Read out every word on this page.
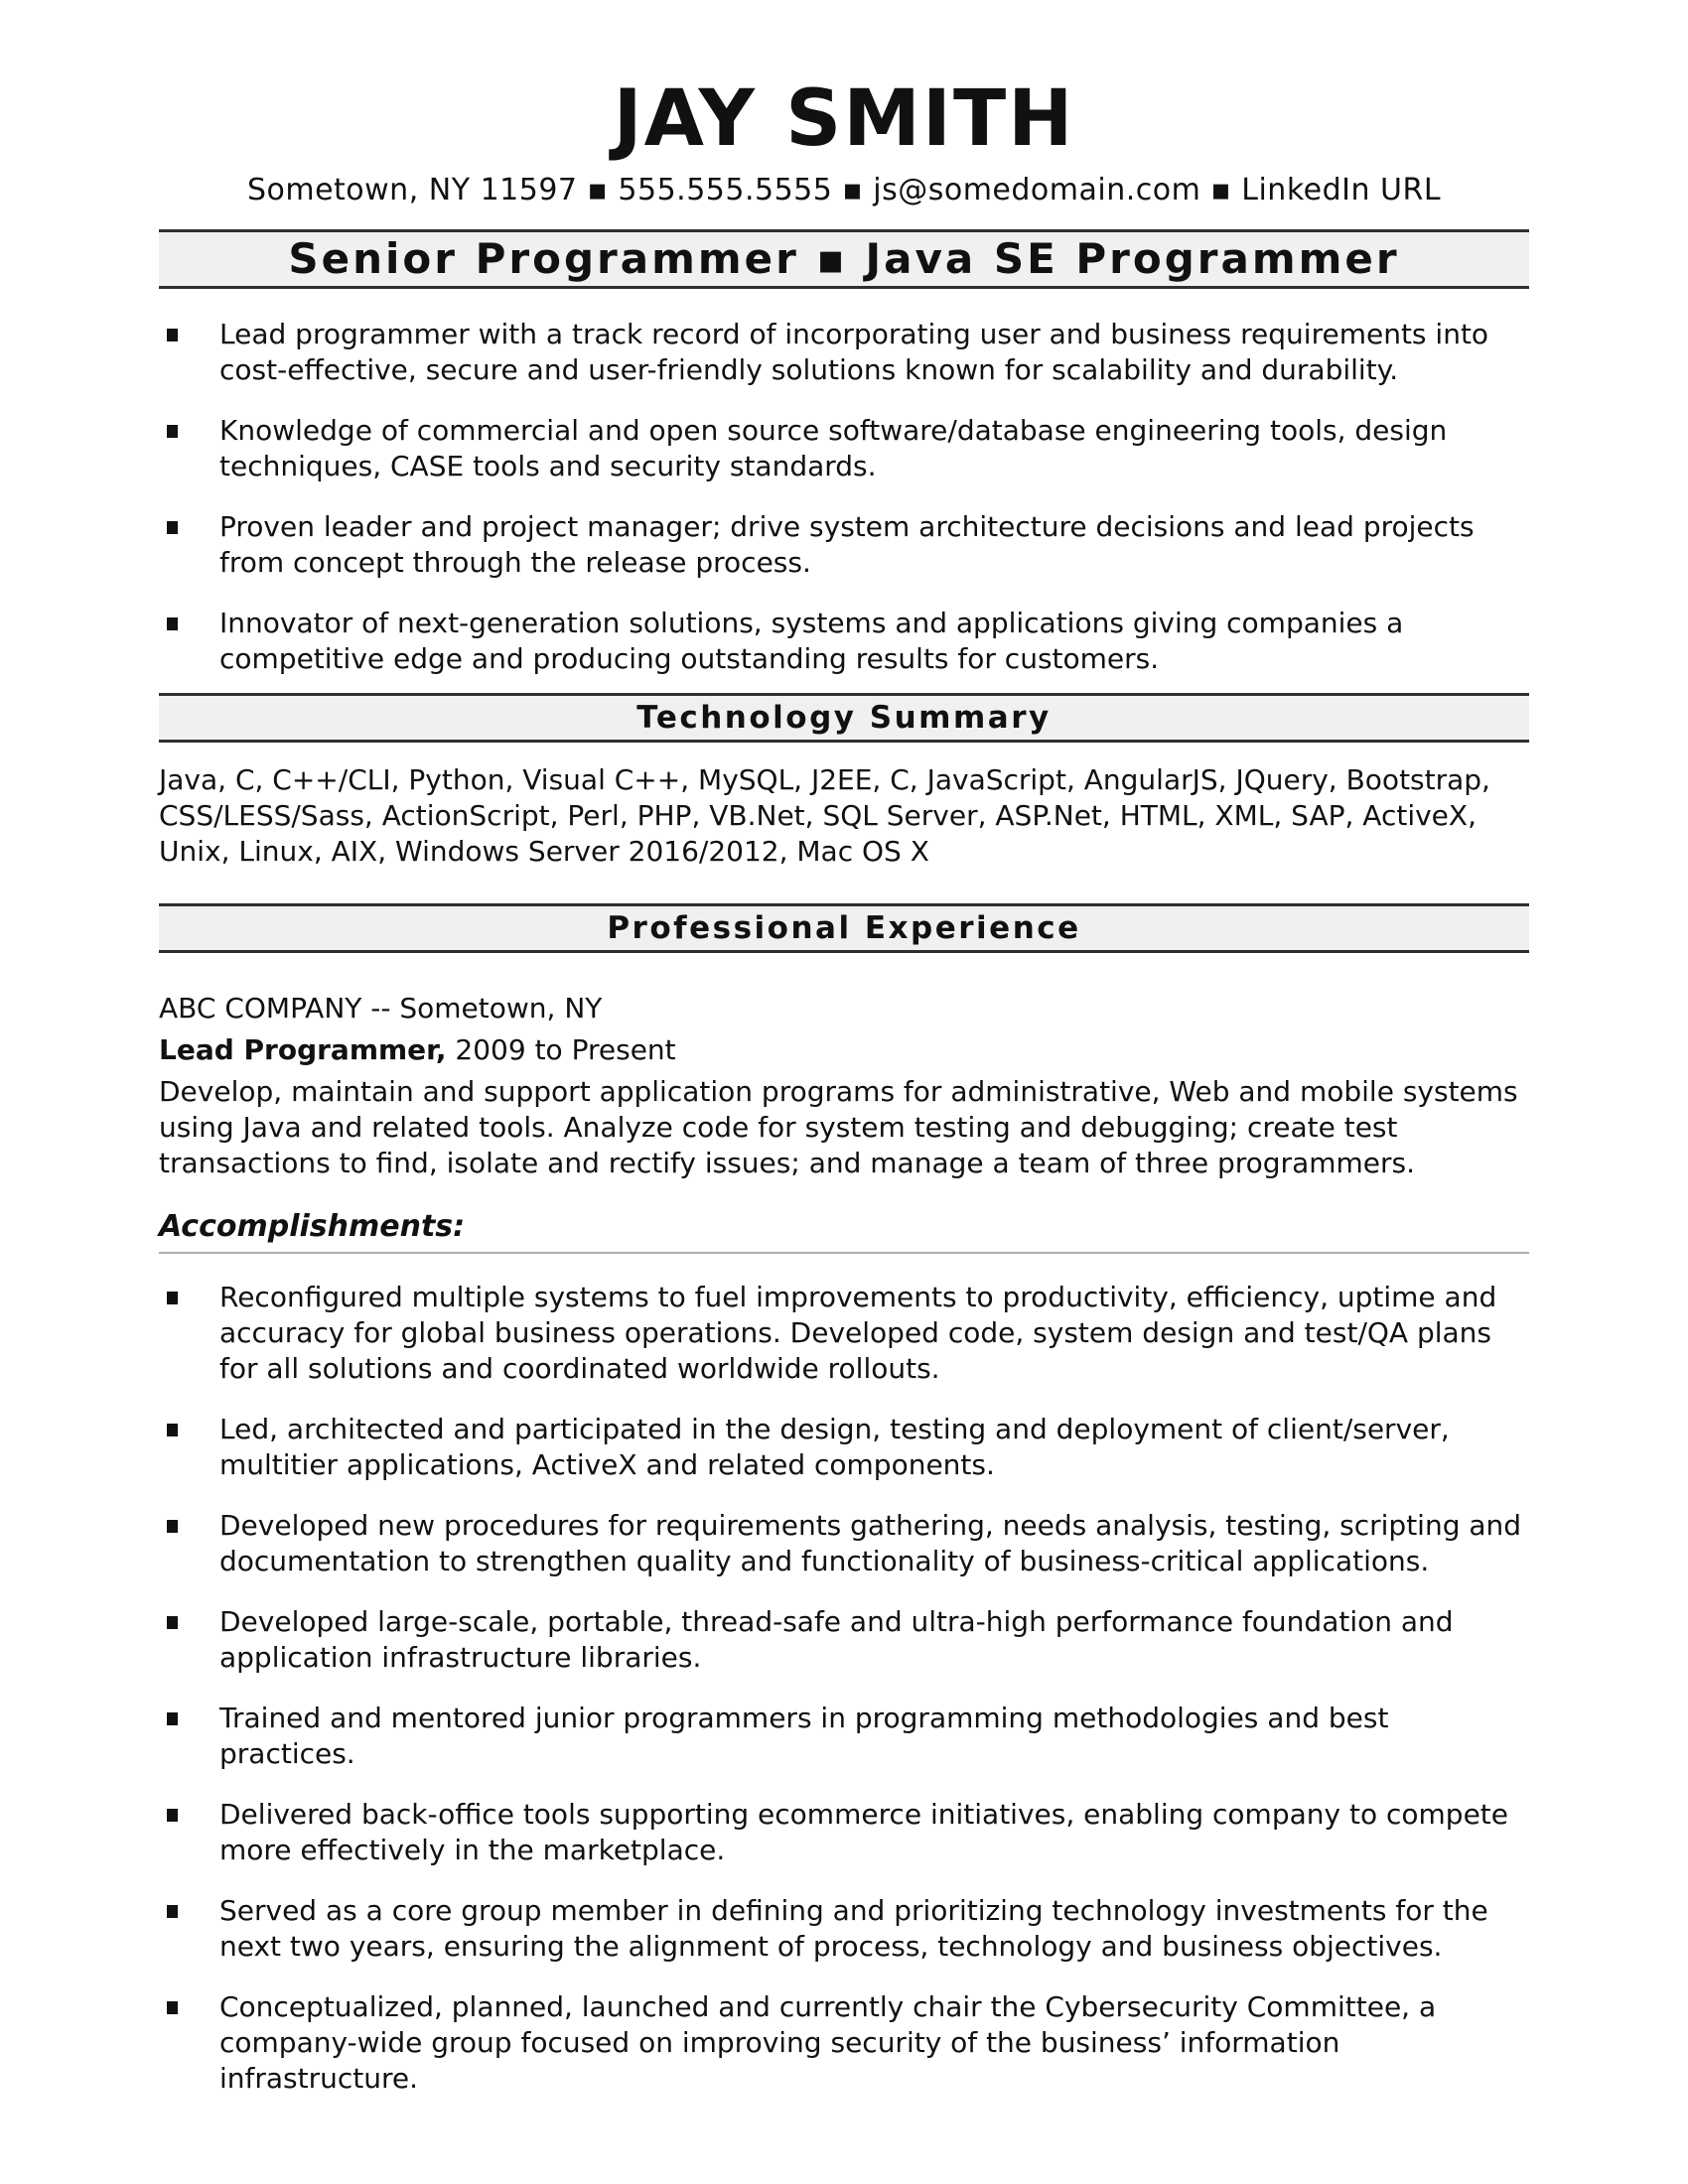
JAY SMITH
Sometown, NY 11597 ▪ 555.555.5555 ▪ js@somedomain.com ▪ LinkedIn URL
Senior Programmer ▪ Java SE Programmer
Lead programmer with a track record of incorporating user and business requirements into cost-effective, secure and user-friendly solutions known for scalability and durability.
Knowledge of commercial and open source software/database engineering tools, design techniques, CASE tools and security standards.
Proven leader and project manager; drive system architecture decisions and lead projects from concept through the release process.
Innovator of next-generation solutions, systems and applications giving companies a competitive edge and producing outstanding results for customers.
Technology Summary
Java, C, C++/CLI, Python, Visual C++, MySQL, J2EE, C, JavaScript, AngularJS, JQuery, Bootstrap, CSS/LESS/Sass, ActionScript, Perl, PHP, VB.Net, SQL Server, ASP.Net, HTML, XML, SAP, ActiveX, Unix, Linux, AIX, Windows Server 2016/2012, Mac OS X
Professional Experience
ABC COMPANY -- Sometown, NY
Lead Programmer, 2009 to Present
Develop, maintain and support application programs for administrative, Web and mobile systems using Java and related tools. Analyze code for system testing and debugging; create test transactions to find, isolate and rectify issues; and manage a team of three programmers.
Accomplishments:
Reconfigured multiple systems to fuel improvements to productivity, efficiency, uptime and accuracy for global business operations. Developed code, system design and test/QA plans for all solutions and coordinated worldwide rollouts.
Led, architected and participated in the design, testing and deployment of client/server, multitier applications, ActiveX and related components.
Developed new procedures for requirements gathering, needs analysis, testing, scripting and documentation to strengthen quality and functionality of business-critical applications.
Developed large-scale, portable, thread-safe and ultra-high performance foundation and application infrastructure libraries.
Trained and mentored junior programmers in programming methodologies and best practices.
Delivered back-office tools supporting ecommerce initiatives, enabling company to compete more effectively in the marketplace.
Served as a core group member in defining and prioritizing technology investments for the next two years, ensuring the alignment of process, technology and business objectives.
Conceptualized, planned, launched and currently chair the Cybersecurity Committee, a company-wide group focused on improving security of the business’ information infrastructure.
